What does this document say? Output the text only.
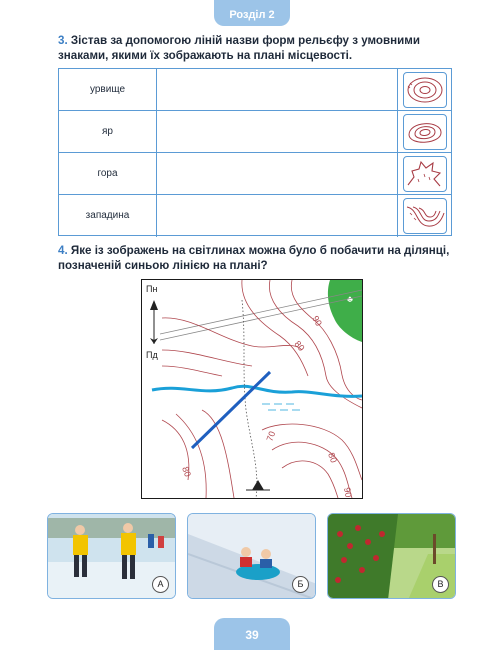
Розділ 2
3. Зістав за допомогою ліній назви форм рельєфу з умовними знаками, якими їх зображають на плані місцевості.
урвище
яр
гора
западина
4. Яке із зображень на світлинах можна було б побачити на ділянці, позначеній синьою лінією на плані?
♣
Пн
Пд
90
80
70
80
90
80
А	Б	В
39
